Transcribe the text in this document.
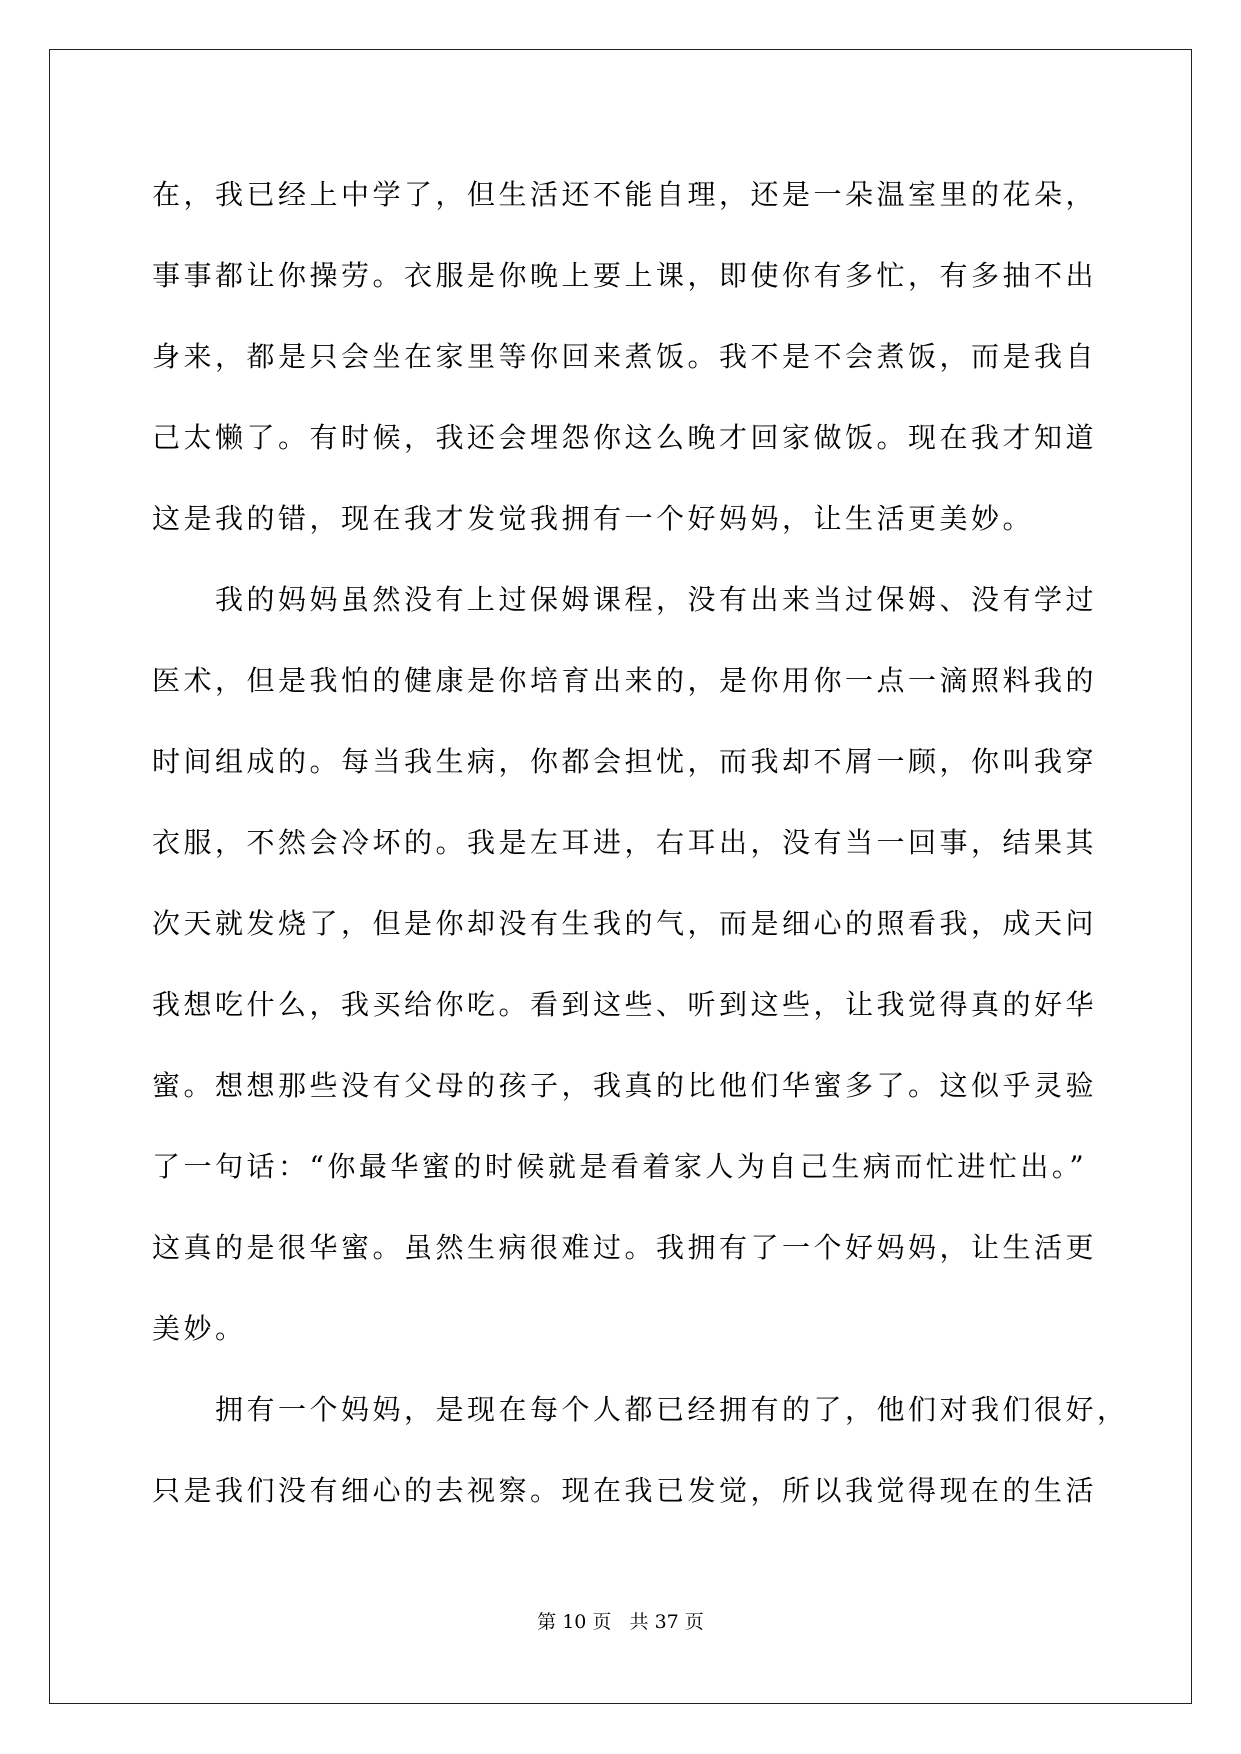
在，我已经上中学了，但生活还不能自理，还是一朵温室里的花朵，
事事都让你操劳。衣服是你晚上要上课，即使你有多忙，有多抽不出
身来，都是只会坐在家里等你回来煮饭。我不是不会煮饭，而是我自
己太懒了。有时候，我还会埋怨你这么晚才回家做饭。现在我才知道
这是我的错，现在我才发觉我拥有一个好妈妈，让生活更美妙。
　　我的妈妈虽然没有上过保姆课程，没有出来当过保姆、没有学过
医术，但是我怕的健康是你培育出来的，是你用你一点一滴照料我的
时间组成的。每当我生病，你都会担忧，而我却不屑一顾，你叫我穿
衣服，不然会冷坏的。我是左耳进，右耳出，没有当一回事，结果其
次天就发烧了，但是你却没有生我的气，而是细心的照看我，成天问
我想吃什么，我买给你吃。看到这些、听到这些，让我觉得真的好华
蜜。想想那些没有父母的孩子，我真的比他们华蜜多了。这似乎灵验
了一句话：“你最华蜜的时候就是看着家人为自己生病而忙进忙出。”
这真的是很华蜜。虽然生病很难过。我拥有了一个好妈妈，让生活更
美妙。
　　拥有一个妈妈，是现在每个人都已经拥有的了，他们对我们很好，
只是我们没有细心的去视察。现在我已发觉，所以我觉得现在的生活
第 10 页   共 37 页
